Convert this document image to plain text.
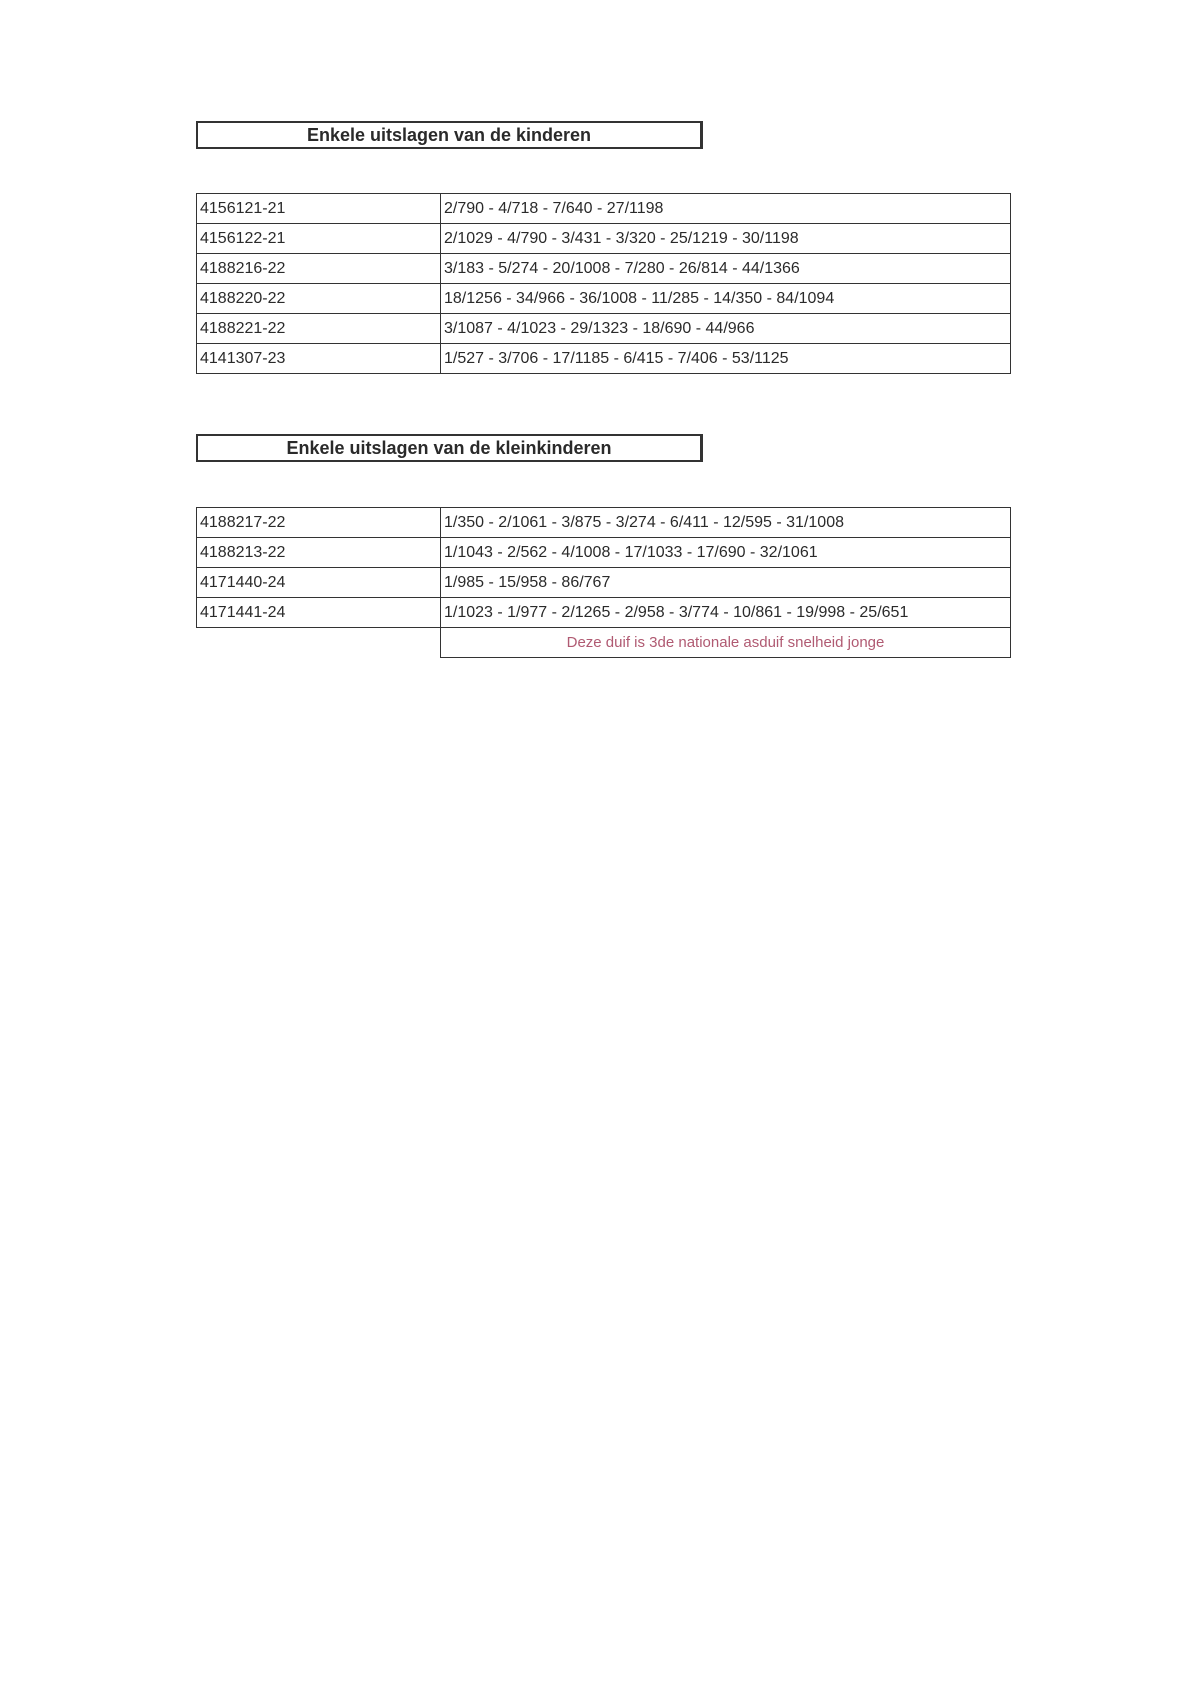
Enkele uitslagen van de kinderen
4156121-21	2/790 - 4/718 - 7/640 - 27/1198
4156122-21	2/1029 - 4/790 - 3/431 - 3/320 - 25/1219 - 30/1198
4188216-22	3/183 - 5/274 - 20/1008 - 7/280 - 26/814 - 44/1366
4188220-22	18/1256 - 34/966 - 36/1008 - 11/285 - 14/350 - 84/1094
4188221-22	3/1087 - 4/1023 - 29/1323 - 18/690 - 44/966
4141307-23	1/527 - 3/706 - 17/1185 - 6/415 - 7/406 - 53/1125
Enkele uitslagen van de kleinkinderen
4188217-22	1/350 - 2/1061 - 3/875 - 3/274 - 6/411 - 12/595 - 31/1008
4188213-22	1/1043 - 2/562 - 4/1008 - 17/1033 - 17/690 - 32/1061
4171440-24	1/985 - 15/958 - 86/767
4171441-24	1/1023 - 1/977 - 2/1265 - 2/958 - 3/774 - 10/861 - 19/998 - 25/651
	Deze duif is 3de nationale asduif snelheid jonge
